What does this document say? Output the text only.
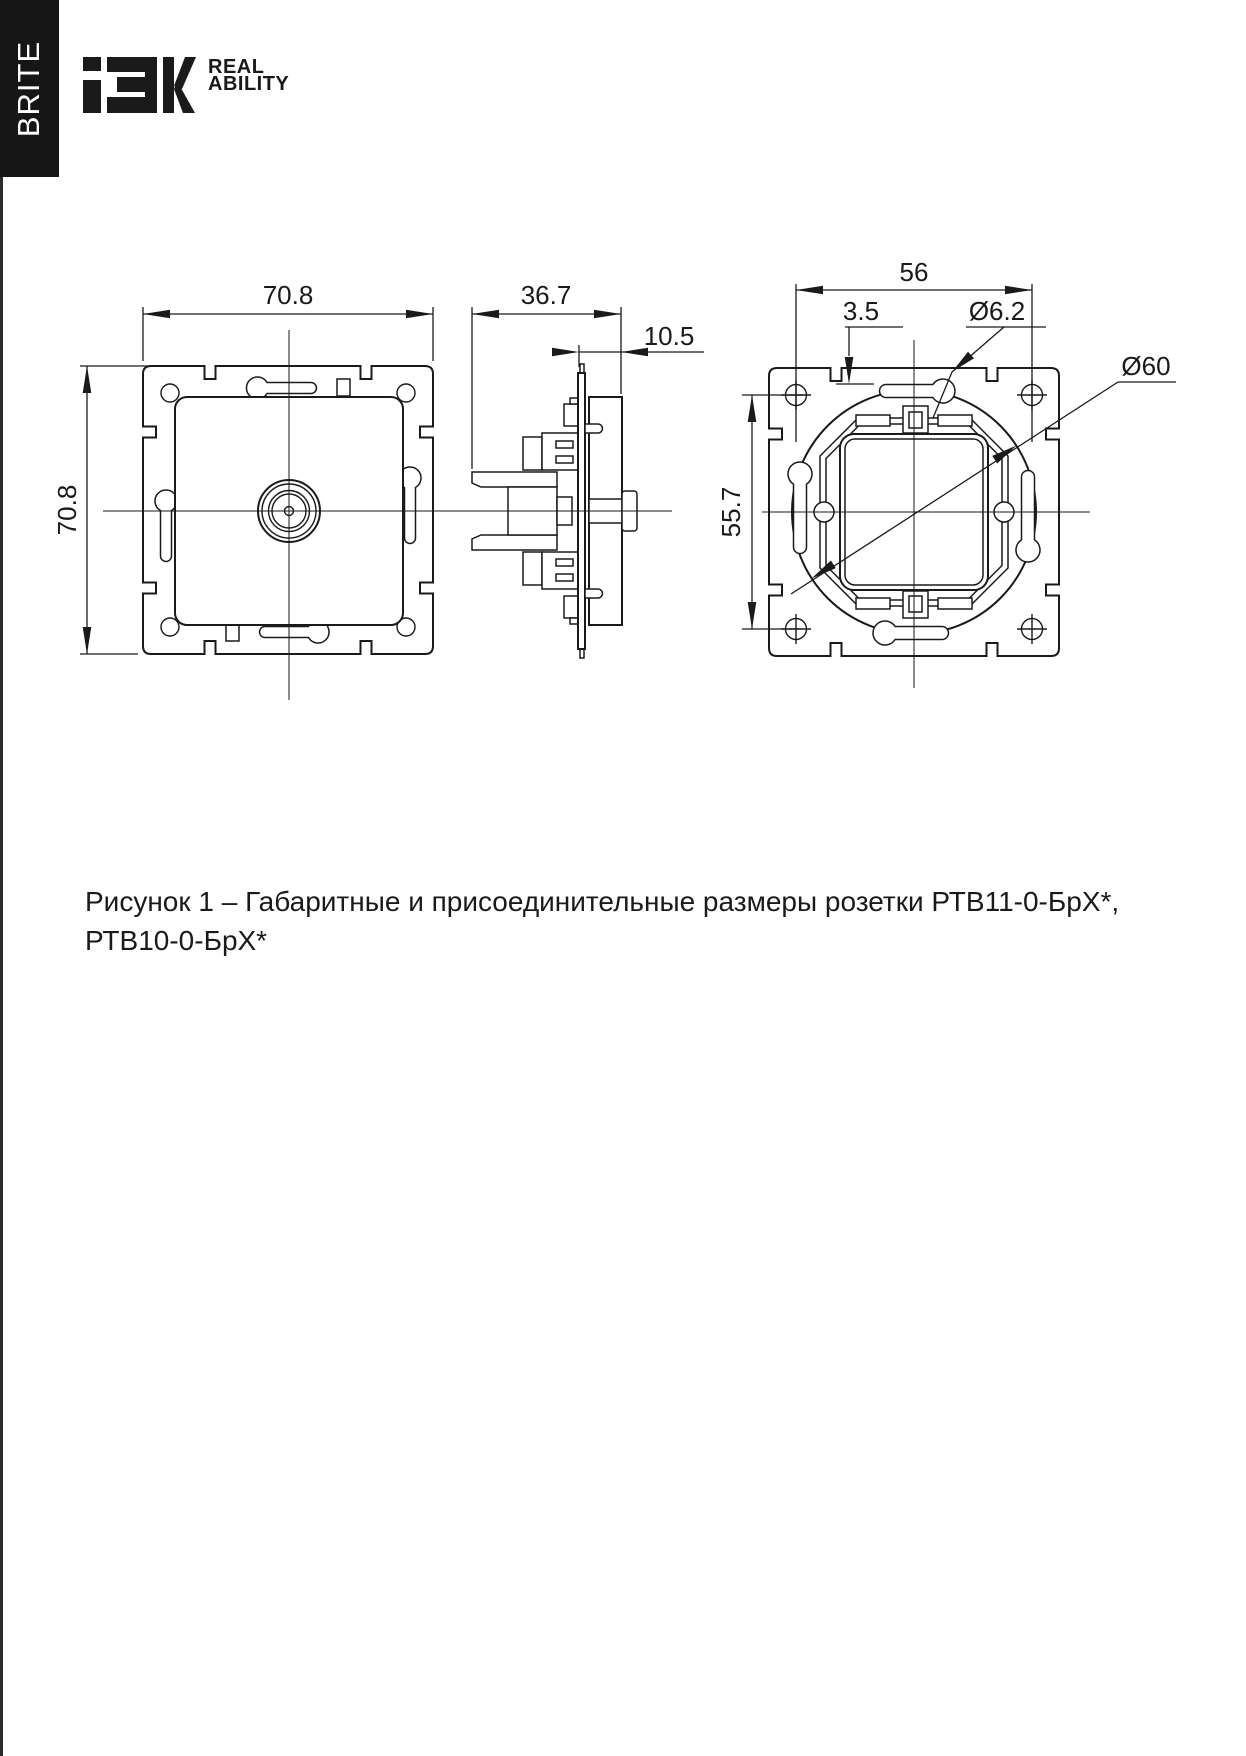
BRITE	REAL
ABILITY
70.8
70.8
36.7
10.5
56
3.5	Ø6.2
Ø60
55.7
Рисунок 1 – Габаритные и присоединительные размеры розетки РТВ11-0-БрХ*,
РТВ10-0-БрХ*
